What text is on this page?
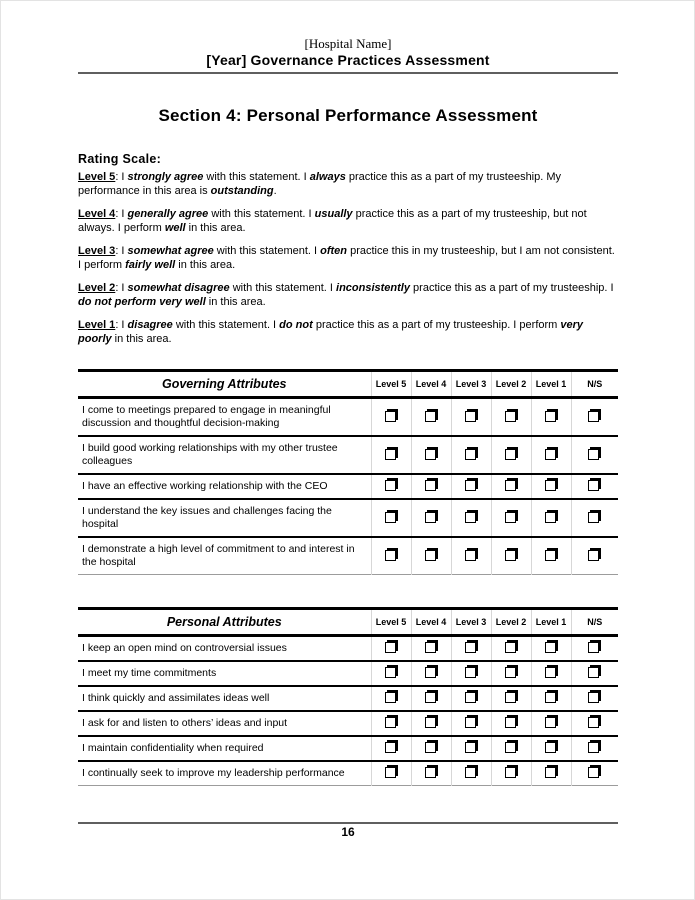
[Hospital Name]
[Year] Governance Practices Assessment
Section 4: Personal Performance Assessment
Rating Scale:

Level 5: I strongly agree with this statement. I always practice this as a part of my trusteeship. My performance in this area is outstanding.

Level 4: I generally agree with this statement. I usually practice this as a part of my trusteeship, but not always. I perform well in this area.

Level 3: I somewhat agree with this statement. I often practice this in my trusteeship, but I am not consistent. I perform fairly well in this area.

Level 2: I somewhat disagree with this statement. I inconsistently practice this as a part of my trusteeship. I do not perform very well in this area.

Level 1: I disagree with this statement. I do not practice this as a part of my trusteeship. I perform very poorly in this area.

Governing Attributes	Level 5	Level 4	Level 3	Level 2	Level 1	N/S
I come to meetings prepared to engage in meaningful discussion and thoughtful decision-making						
I build good working relationships with my other trustee colleagues						
I have an effective working relationship with the CEO						
I understand the key issues and challenges facing the hospital						
I demonstrate a high level of commitment to and interest in the hospital						
Personal Attributes	Level 5	Level 4	Level 3	Level 2	Level 1	N/S
I keep an open mind on controversial issues						
I meet my time commitments						
I think quickly and assimilates ideas well						
I ask for and listen to others’ ideas and input						
I maintain confidentiality when required						
I continually seek to improve my leadership performance						
16
